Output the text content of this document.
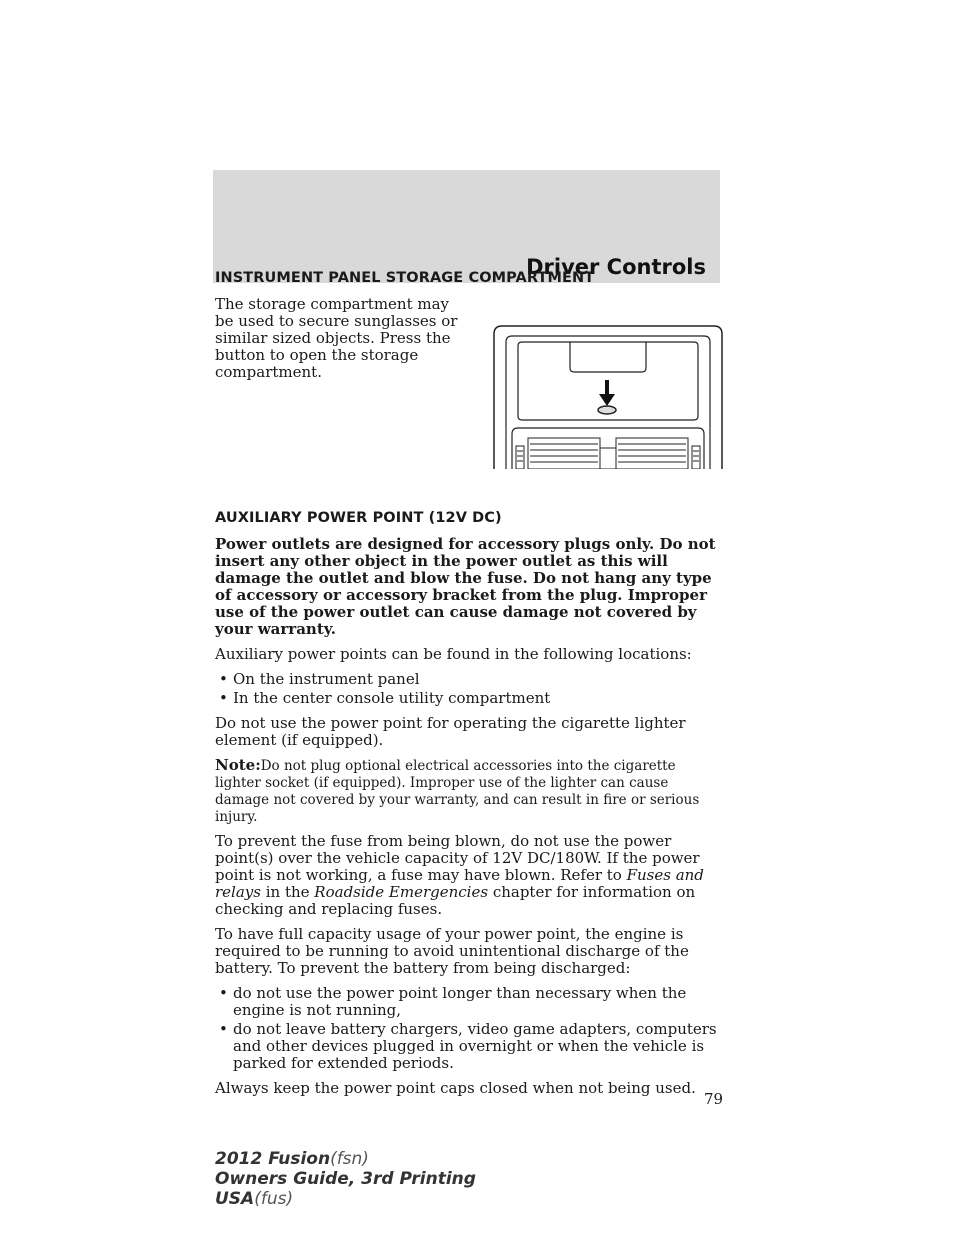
Driver Controls
INSTRUMENT PANEL STORAGE COMPARTMENT

The storage compartment may be used to secure sunglasses or similar sized objects. Press the button to open the storage compartment.

AUXILIARY POWER POINT (12V DC)

Power outlets are designed for accessory plugs only. Do not insert any other object in the power outlet as this will damage the outlet and blow the fuse. Do not hang any type of accessory or accessory bracket from the plug. Improper use of the power outlet can cause damage not covered by your warranty.

Auxiliary power points can be found in the following locations:

• On the instrument panel
• In the center console utility compartment

Do not use the power point for operating the cigarette lighter element (if equipped).

Note:Do not plug optional electrical accessories into the cigarette lighter socket (if equipped). Improper use of the lighter can cause damage not covered by your warranty, and can result in fire or serious injury.

To prevent the fuse from being blown, do not use the power point(s) over the vehicle capacity of 12V DC/180W. If the power point is not working, a fuse may have blown. Refer to Fuses and relays in the Roadside Emergencies chapter for information on checking and replacing fuses.

To have full capacity usage of your power point, the engine is required to be running to avoid unintentional discharge of the battery. To prevent the battery from being discharged:

• do not use the power point longer than necessary when the engine is not running,
• do not leave battery chargers, video game adapters, computers and other devices plugged in overnight or when the vehicle is parked for extended periods.

Always keep the power point caps closed when not being used.

79
2012 Fusion(fsn)
Owners Guide, 3rd Printing
USA(fus)
